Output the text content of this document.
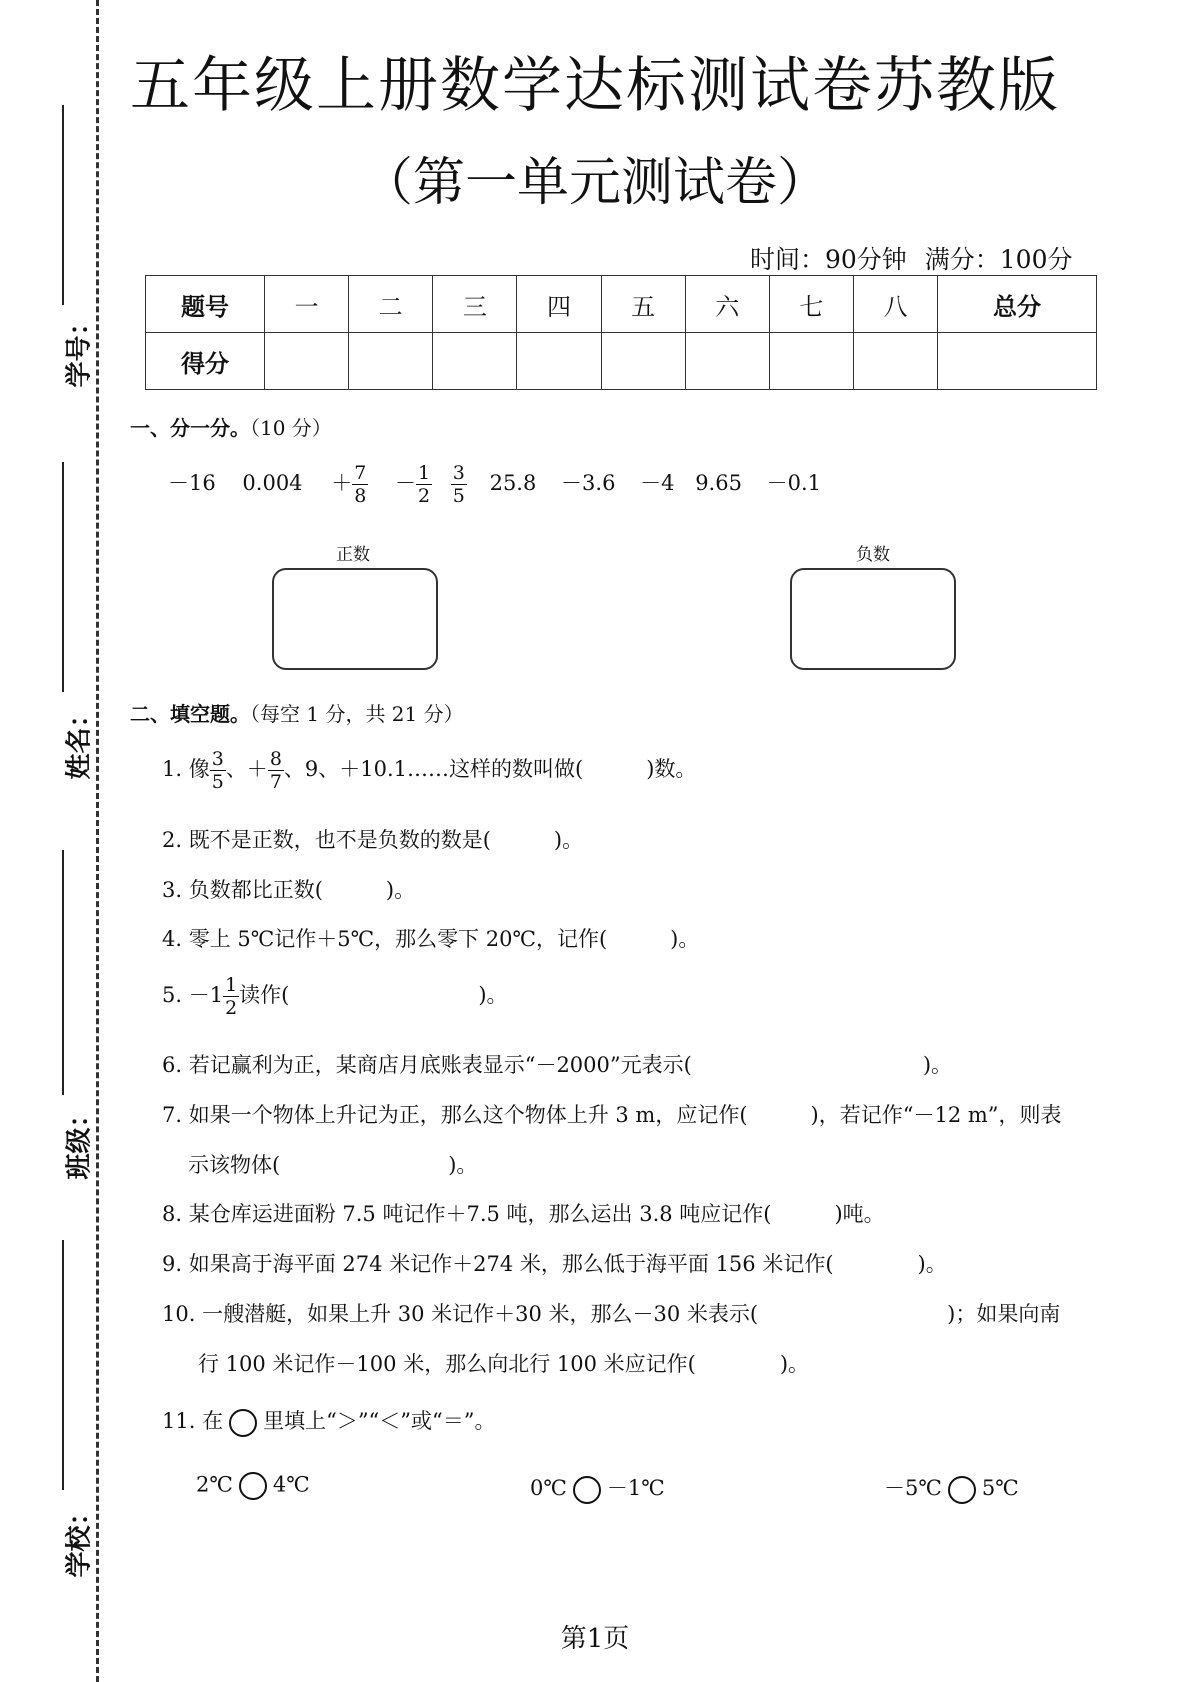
学号：
姓名：
班级：
学校：
五年级上册数学达标测试卷苏教版
（第一单元测试卷）
时间：90分钟 满分：100分
题号	一	二	三	四	五	六	七	八	总分
得分									
一、分一分。（10 分）
－16 $0.004 + \frac{7}{8} - \frac{1}{2}$
$\frac{3}{5} 25.8 -3.6 -4$ 9.65 －0.1
正数	负数
二、填空题。（每空 1 分，共 21 分）
1. 像 $\frac{3}{5}$ 、＋ $\frac{8}{7}$ 、9、＋10.1……这样的数叫做(　　　)数。
2. 既不是正数，也不是负数的数是(　　　)。
3. 负数都比正数(　　　)。
4. 零上 5℃记作＋5℃，那么零下 20℃，记作(　　　)。
5. $-1 \frac{1}{2}$ 读作(　　　　　　　　　)。
6. 若记赢利为正，某商店月底账表显示“－2000”元表示(　　　　　　　　　　　)。
7. 如果一个物体上升记为正，那么这个物体上升 3 m，应记作(　　　)，若记作“－12 m”，则表
示该物体(　　　　　　　　)。
8. 某仓库运进面粉 7.5 吨记作＋7.5 吨，那么运出 3.8 吨应记作(　　　)吨。
9. 如果高于海平面 274 米记作＋274 米，那么低于海平面 156 米记作(　　　　)。
10. 一艘潜艇，如果上升 30 米记作＋30 米，那么－30 米表示(　　　　　　　　　)；如果向南
行 100 米记作－100 米，那么向北行 100 米应记作(　　　　)。
11. 在 里填上“＞”“＜”或“＝”。
2℃ 4℃	0℃ －1℃	－5℃ 5℃
第1页
